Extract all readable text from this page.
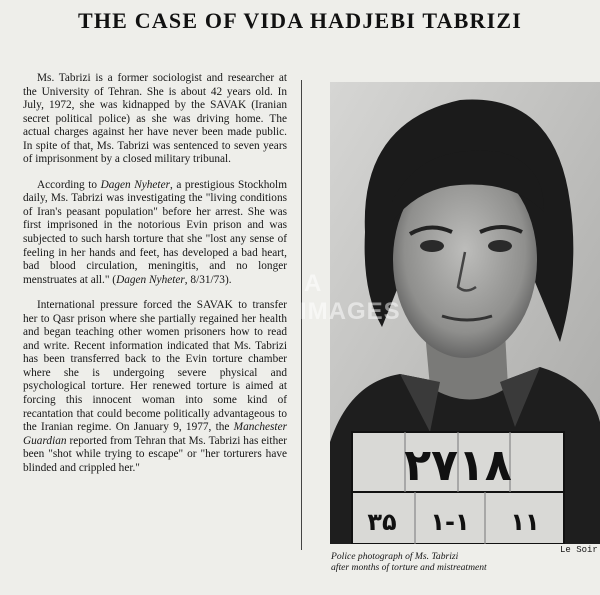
THE CASE OF VIDA HADJEBI TABRIZI

Ms. Tabrizi is a former sociologist and researcher at the University of Tehran. She is about 42 years old. In July, 1972, she was kidnapped by the SAVAK (Iranian secret political police) as she was driving home. The actual charges against her have never been made public. In spite of that, Ms. Tabrizi was sentenced to seven years of imprisonment by a closed military tribunal.

According to Dagen Nyheter, a prestigious Stockholm daily, Ms. Tabrizi was investigating the "living conditions of Iran's peasant population" before her arrest. She was first imprisoned in the notorious Evin prison and was subjected to such harsh torture that she "lost any sense of feeling in her hands and feet, has developed a bad heart, bad blood circulation, meningitis, and no longer menstruates at all." (Dagen Nyheter, 8/31/73).

International pressure forced the SAVAK to transfer her to Qasr prison where she partially regained her health and began teaching other women prisoners how to read and write. Recent information indicated that Ms. Tabrizi has been transferred back to the Evin torture chamber where she is undergoing severe physical and psychological torture. Her renewed torture is aimed at forcing this innocent woman into some kind of recantation that could become politically advantageous to the Iranian regime. On January 9, 1977, the Manchester Guardian reported from Tehran that Ms. Tabrizi has either been "shot while trying to escape" or "her torturers have blinded and crippled her."	۲۷۱۸
۳۵ ۱-۱ ۱۱
A
IMAGES
Le Soir
Police photograph of Ms. Tabrizi
after months of torture and mistreatment
